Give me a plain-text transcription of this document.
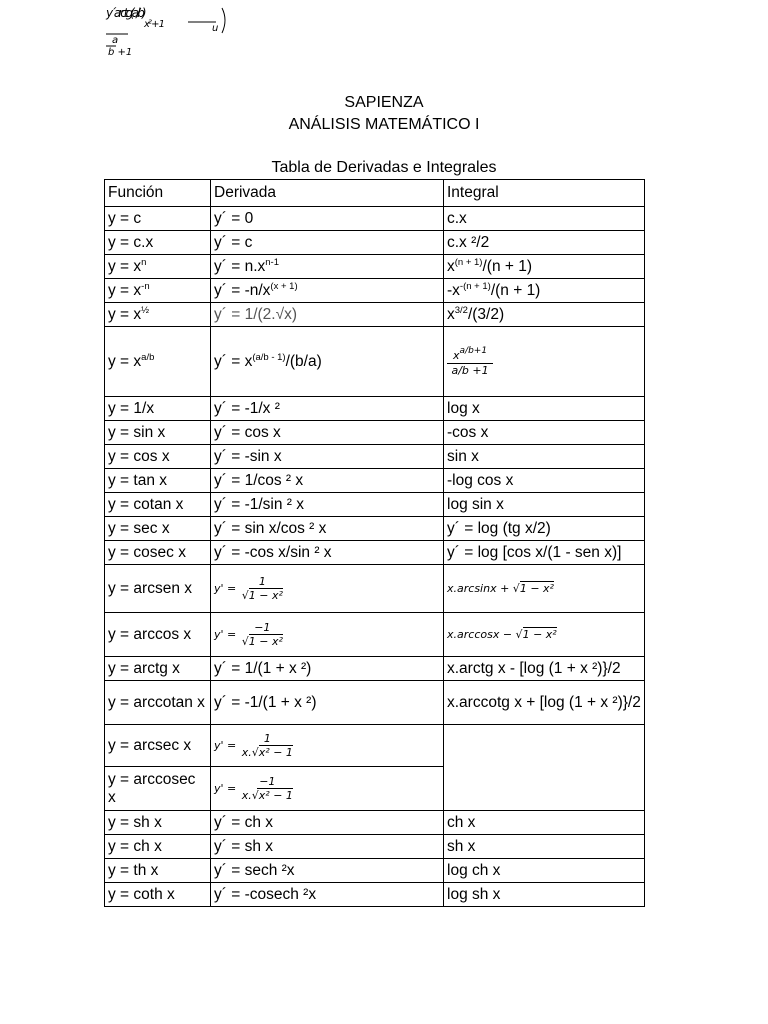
y´ arctg(a/b)
x² + 1
a
b +1
u
SAPIENZA
ANÁLISIS MATEMÁTICO I
Tabla de Derivadas e Integrales
Función	Derivada	Integral
y = c	y´ = 0	c.x
y = c.x	y´ = c	c.x ²/2
$y = x^n$	y´ = $n.x^{n-1}$	$x^{(n + 1)}/(n + 1)$
$y = x^{-n}$	y´ = $-n/x^{(x + 1)}$	$-x^{-(n + 1)}/(n + 1)$
$y = x^{\frac{1}{2}}$	y´ = 1/(2.√x)	$x^{3/2}/(3/2)$
$y = x^{a/b}$	y´ = $x^{(a/b - 1)}/(b/a)$	$\frac{x^{a/b+1}}{a/b +1}$

y = 1/x	y´ = -1/x ²	log x
y = sin x	y´ = cos x	-cos x
y = cos x	y´ = -sin x	sin x
y = tan x	y´ = 1/cos ² x	-log cos x
y = cotan x	y´ = -1/sin ² x	log sin x
y = sec x	y´ = sin x/cos ² x	y´ = log (tg x/2)
y = cosec x	y´ = -cos x/sin ² x	y´ = log [cos x/(1 - sen x)]
y = arcsen x	$y' = \frac{1}{\text{√1 − x²}}$	x.arcsinx + √1 − x²
y = arccos x	$y' = \frac{-1}{\text{√1 − x²}}$	x.arccosx − √1 − x²
y = arctg x	y´ = 1/(1 + x ²)	x.arctg x - [log (1 + x ²)}/2
y = arccotan x	y´ = -1/(1 + x ²)	x.arccotg x + [log (1 + x ²)}/2
y = arcsec x	$y' = \frac{1}{\text{x.√x² − 1}}$

y = arccosec x	$y' = \frac{-1}{\text{x.√x² − 1}}$

y = sh x	y´ = ch x	ch x
y = ch x	y´ = sh x	sh x
y = th x	y´ = sech ²x	log ch x
y = coth x	y´ = -cosech ²x	log sh x
